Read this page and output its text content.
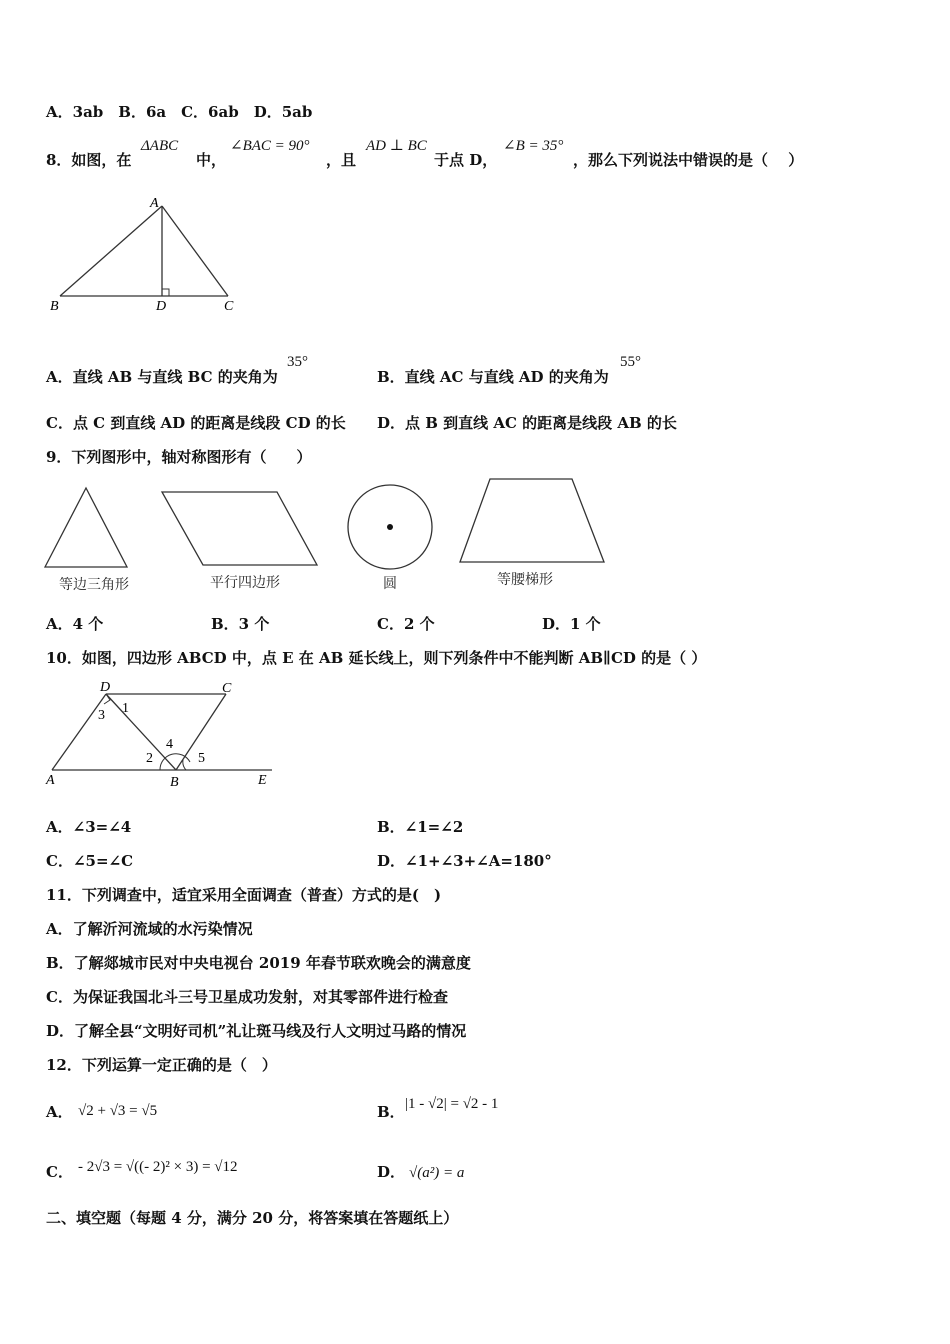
A．3ab　B．6a　C．6ab　D．5ab
8．如图，在
ΔABC
中，
∠BAC = 90°
，且
AD ⊥ BC
于点 D，
∠B = 35°
，那么下列说法中错误的是（　 ）
A
B	D	C
A．直线 AB 与直线 BC 的夹角为
35°
B．直线 AC 与直线 AD 的夹角为
55°
C．点 C 到直线 AD 的距离是线段 CD 的长 D．点 B 到直线 AC 的距离是线段 AB 的长
9．下列图形中，轴对称图形有（　　）
等边三角形	平行四边形	圆	等腰梯形
A．4 个	B．3 个	C．2 个	D．1 个
10．如图，四边形 ABCD 中，点 E 在 AB 延长线上，则下列条件中不能判断 AB∥CD 的是（ ）
D	C
A	B	E
1
2
3
4
5
A．∠3=∠4	B．∠1=∠2
C．∠5=∠C	D．∠1+∠3+∠A=180°
11．下列调查中，适宜采用全面调查（普查）方式的是(　)
A．了解沂河流域的水污染情况
B．了解郯城市民对中央电视台 2019 年春节联欢晚会的满意度
C．为保证我国北斗三号卫星成功发射，对其零部件进行检查
D．了解全县“文明好司机”礼让斑马线及行人文明过马路的情况
12．下列运算一定正确的是（　）
A． √2 + √3 = √5	B． |1 - √2| = √2 - 1
C． - 2√3 = √((- 2)² × 3) = √12	D． √(a²) = a
二、填空题（每题 4 分，满分 20 分，将答案填在答题纸上）
